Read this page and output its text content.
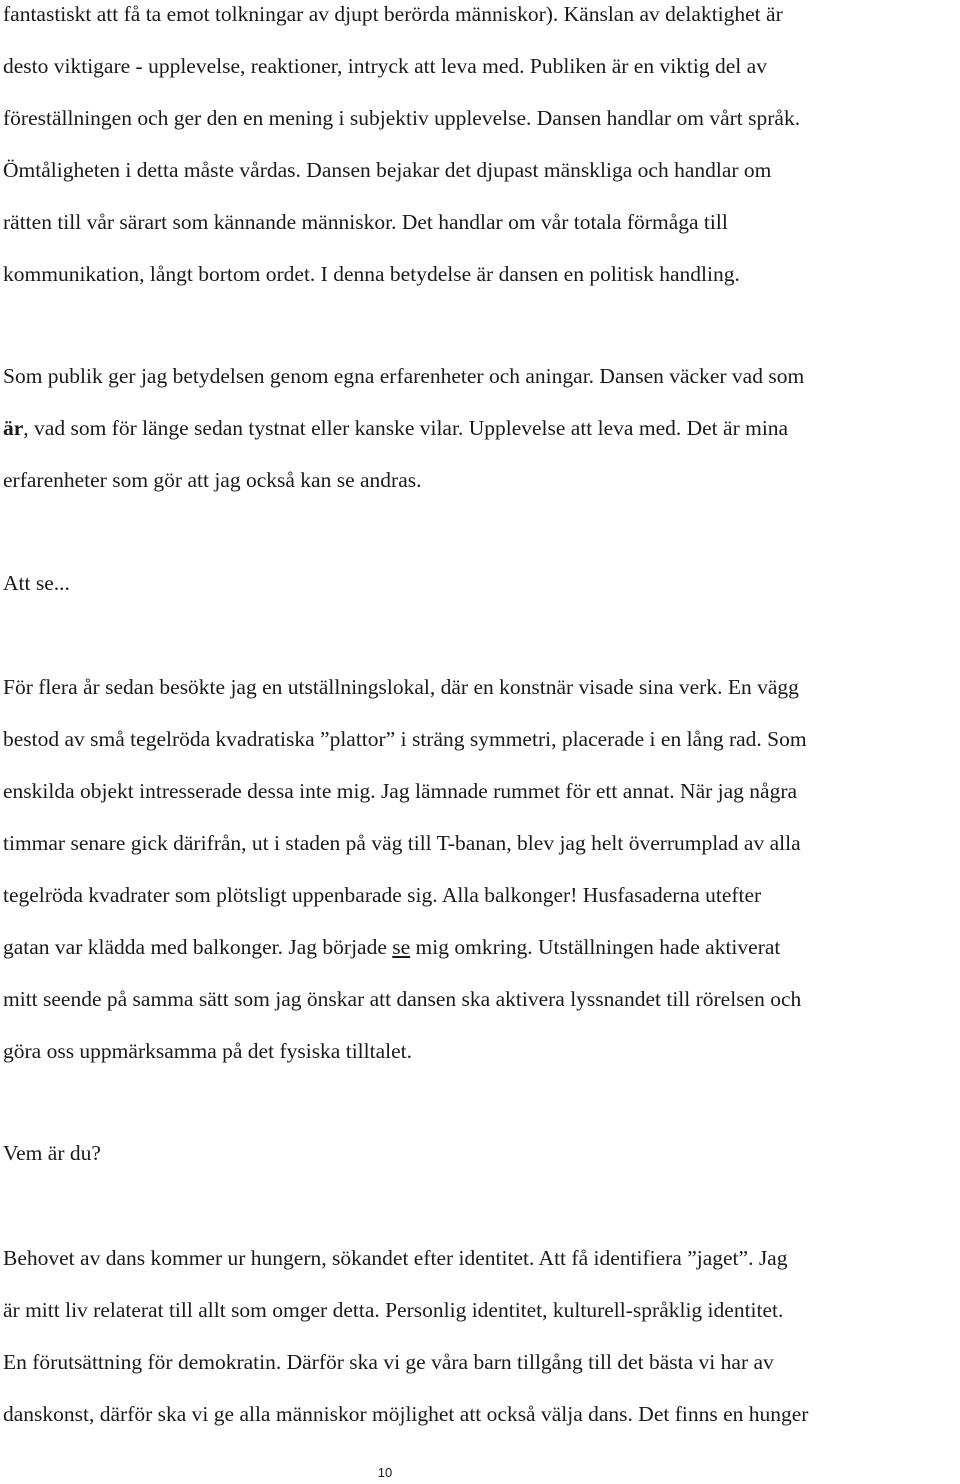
fantastiskt att få ta emot tolkningar av djupt berörda människor). Känslan av delaktighet är
desto viktigare - upplevelse, reaktioner, intryck att leva med. Publiken är en viktig del av
föreställningen och ger den en mening i subjektiv upplevelse. Dansen handlar om vårt språk.
Ömtåligheten i detta måste vårdas. Dansen bejakar det djupast mänskliga och handlar om
rätten till vår särart som kännande människor. Det handlar om vår totala förmåga till
kommunikation, långt bortom ordet. I denna betydelse är dansen en politisk handling.

Som publik ger jag betydelsen genom egna erfarenheter och aningar. Dansen väcker vad som
är, vad som för länge sedan tystnat eller kanske vilar. Upplevelse att leva med. Det är mina
erfarenheter som gör att jag också kan se andras.

Att se...

För flera år sedan besökte jag en utställningslokal, där en konstnär visade sina verk. En vägg
bestod av små tegelröda kvadratiska ”plattor” i sträng symmetri, placerade i en lång rad. Som
enskilda objekt intresserade dessa inte mig. Jag lämnade rummet för ett annat. När jag några
timmar senare gick därifrån, ut i staden på väg till T-banan, blev jag helt överrumplad av alla
tegelröda kvadrater som plötsligt uppenbarade sig. Alla balkonger! Husfasaderna utefter
gatan var klädda med balkonger. Jag började se mig omkring. Utställningen hade aktiverat
mitt seende på samma sätt som jag önskar att dansen ska aktivera lyssnandet till rörelsen och
göra oss uppmärksamma på det fysiska tilltalet.

Vem är du?

Behovet av dans kommer ur hungern, sökandet efter identitet. Att få identifiera ”jaget”. Jag
är mitt liv relaterat till allt som omger detta. Personlig identitet, kulturell-språklig identitet.
En förutsättning för demokratin. Därför ska vi ge våra barn tillgång till det bästa vi har av
danskonst, därför ska vi ge alla människor möjlighet att också välja dans. Det finns en hunger

10
